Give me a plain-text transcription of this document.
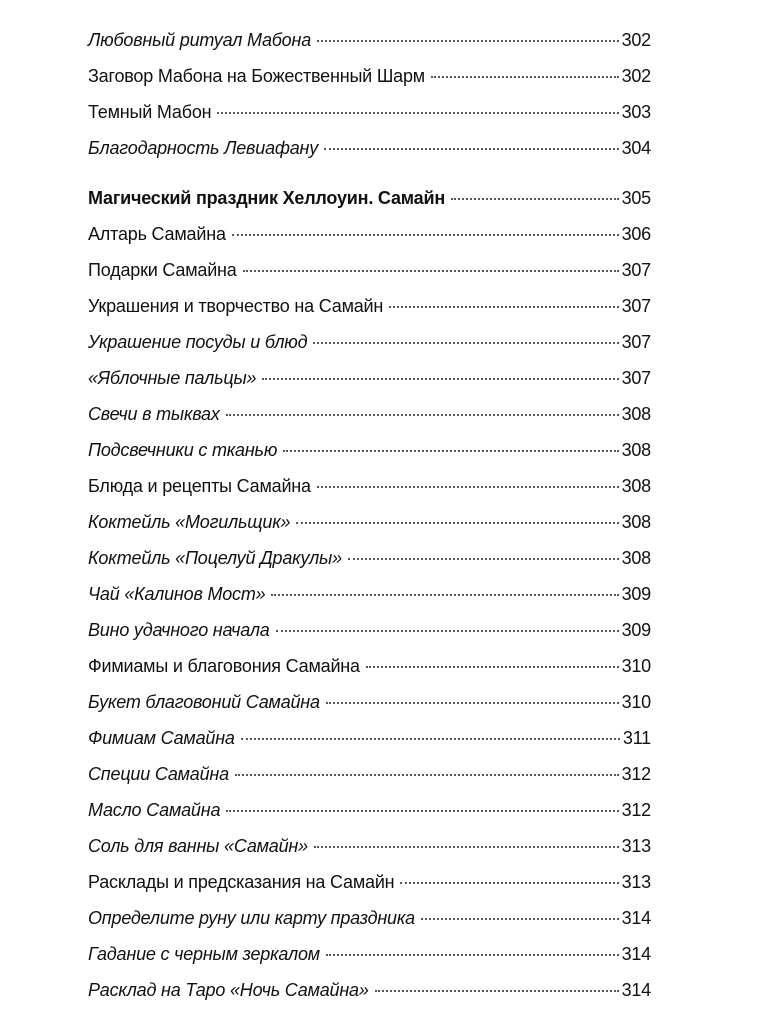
Любовный ритуал Мабона	302
Заговор Мабона на Божественный Шарм	302
Темный Мабон	303
Благодарность Левиафану	304
Магический праздник Хеллоуин. Самайн	305
Алтарь Самайна	306
Подарки Самайна	307
Украшения и творчество на Самайн	307
Украшение посуды и блюд	307
«Яблочные пальцы»	307
Свечи в тыквах	308
Подсвечники с тканью	308
Блюда и рецепты Самайна	308
Коктейль «Могильщик»	308
Коктейль «Поцелуй Дракулы»	308
Чай «Калинов Мост»	309
Вино удачного начала	309
Фимиамы и благовония Самайна	310
Букет благовоний Самайна	310
Фимиам Самайна	311
Специи Самайна	312
Масло Самайна	312
Соль для ванны «Самайн»	313
Расклады и предсказания на Самайн	313
Определите руну или карту праздника	314
Гадание с черным зеркалом	314
Расклад на Таро «Ночь Самайна»	314
